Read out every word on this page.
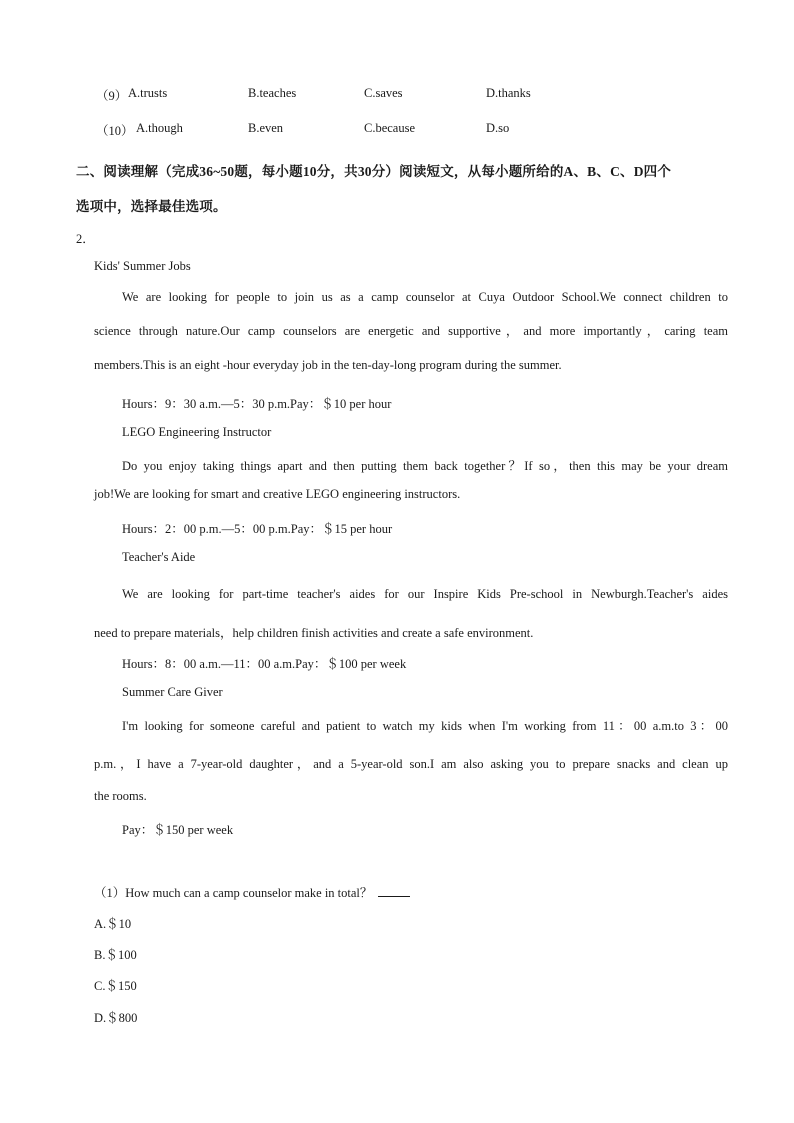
（9） A.trusts	B.teaches	C.saves	D.thanks
（10） A.though	B.even	C.because	D.so
二、阅读理解（完成36~50题，每小题10分，共30分）阅读短文，从每小题所给的A、B、C、D四个
选项中，选择最佳选项。
2．
Kids' Summer Jobs
We are looking for people to join us as a camp counselor at Cuya Outdoor School.We connect children to
science through nature.Our camp counselors are energetic and supportive，and more importantly，caring team
members.This is an eight -hour everyday job in the ten-day-long program during the summer.
Hours：9：30 a.m.—5：30 p.m.Pay：＄10 per hour
LEGO Engineering Instructor
Do you enjoy taking things apart and then putting them back together？If so，then this may be your dream
job!We are looking for smart and creative LEGO engineering instructors.
Hours：2：00 p.m.—5：00 p.m.Pay：＄15 per hour
Teacher's Aide
We are looking for part-time teacher's aides for our Inspire Kids Pre-school in Newburgh.Teacher's aides
need to prepare materials，help children finish activities and create a safe environment.
Hours：8：00 a.m.—11：00 a.m.Pay：＄100 per week
Summer Care Giver
I'm looking for someone careful and patient to watch my kids when I'm working from 11：00 a.m.to 3：00
p.m.，I have a 7-year-old daughter，and a 5-year-old son.I am also asking you to prepare snacks and clean up
the rooms.
Pay：＄150 per week
（1）How much can a camp counselor make in total？
A.＄10
B.＄100
C.＄150
D.＄800
